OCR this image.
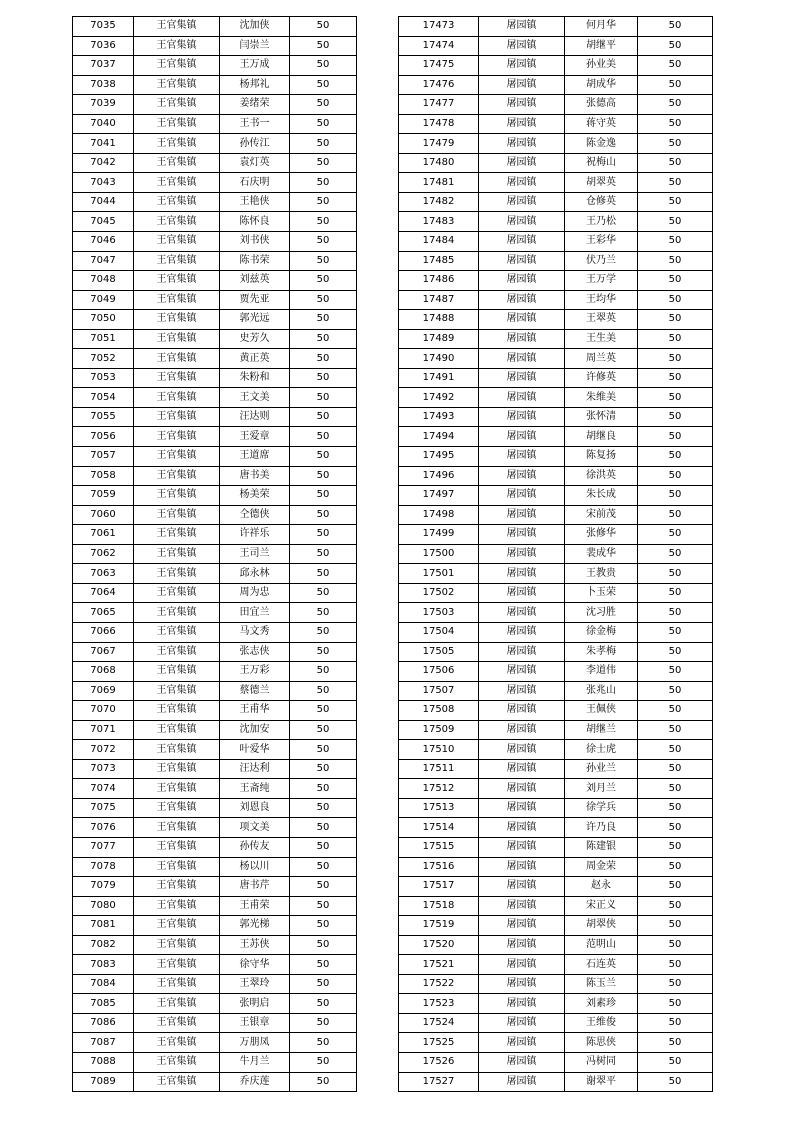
7035	王官集镇	沈加侠	50
7036	王官集镇	闫崇兰	50
7037	王官集镇	王万成	50
7038	王官集镇	杨邦礼	50
7039	王官集镇	姜绪荣	50
7040	王官集镇	王书一	50
7041	王官集镇	孙传江	50
7042	王官集镇	袁灯英	50
7043	王官集镇	石庆明	50
7044	王官集镇	王艳侠	50
7045	王官集镇	陈怀良	50
7046	王官集镇	刘书侠	50
7047	王官集镇	陈书荣	50
7048	王官集镇	刘兹英	50
7049	王官集镇	贾先亚	50
7050	王官集镇	郭光远	50
7051	王官集镇	史芳久	50
7052	王官集镇	黄正英	50
7053	王官集镇	朱粉和	50
7054	王官集镇	王文美	50
7055	王官集镇	汪达则	50
7056	王官集镇	王爱章	50
7057	王官集镇	王道席	50
7058	王官集镇	唐书美	50
7059	王官集镇	杨美荣	50
7060	王官集镇	仝德侠	50
7061	王官集镇	许祥乐	50
7062	王官集镇	王司兰	50
7063	王官集镇	邱永林	50
7064	王官集镇	周为忠	50
7065	王官集镇	田宜兰	50
7066	王官集镇	马文秀	50
7067	王官集镇	张志侠	50
7068	王官集镇	王万彩	50
7069	王官集镇	蔡德兰	50
7070	王官集镇	王甫华	50
7071	王官集镇	沈加安	50
7072	王官集镇	叶爱华	50
7073	王官集镇	汪达利	50
7074	王官集镇	王斋纯	50
7075	王官集镇	刘恩良	50
7076	王官集镇	项文美	50
7077	王官集镇	孙传友	50
7078	王官集镇	杨以川	50
7079	王官集镇	唐书芹	50
7080	王官集镇	王甫荣	50
7081	王官集镇	郭光梯	50
7082	王官集镇	王苏侠	50
7083	王官集镇	徐守华	50
7084	王官集镇	王翠玲	50
7085	王官集镇	张明启	50
7086	王官集镇	王银章	50
7087	王官集镇	万朋凤	50
7088	王官集镇	牛月兰	50
7089	王官集镇	乔庆莲	50
17473	屠园镇	何月华	50
17474	屠园镇	胡继平	50
17475	屠园镇	孙业美	50
17476	屠园镇	胡成华	50
17477	屠园镇	张德高	50
17478	屠园镇	蒋守英	50
17479	屠园镇	陈金逸	50
17480	屠园镇	祝梅山	50
17481	屠园镇	胡翠英	50
17482	屠园镇	仓修英	50
17483	屠园镇	王乃松	50
17484	屠园镇	王彩华	50
17485	屠园镇	伏乃兰	50
17486	屠园镇	王万学	50
17487	屠园镇	王均华	50
17488	屠园镇	王翠英	50
17489	屠园镇	王生美	50
17490	屠园镇	周兰英	50
17491	屠园镇	许修英	50
17492	屠园镇	朱维美	50
17493	屠园镇	张怀清	50
17494	屠园镇	胡继良	50
17495	屠园镇	陈复扬	50
17496	屠园镇	徐洪英	50
17497	屠园镇	朱长成	50
17498	屠园镇	宋前茂	50
17499	屠园镇	张修华	50
17500	屠园镇	裴成华	50
17501	屠园镇	王教贵	50
17502	屠园镇	卜玉荣	50
17503	屠园镇	沈习胜	50
17504	屠园镇	徐金梅	50
17505	屠园镇	朱孝梅	50
17506	屠园镇	李道伟	50
17507	屠园镇	张兆山	50
17508	屠园镇	王佩侠	50
17509	屠园镇	胡继兰	50
17510	屠园镇	徐士虎	50
17511	屠园镇	孙业兰	50
17512	屠园镇	刘月兰	50
17513	屠园镇	徐学兵	50
17514	屠园镇	许乃良	50
17515	屠园镇	陈建银	50
17516	屠园镇	周金荣	50
17517	屠园镇	赵永	50
17518	屠园镇	宋正义	50
17519	屠园镇	胡翠侠	50
17520	屠园镇	范明山	50
17521	屠园镇	石连英	50
17522	屠园镇	陈玉兰	50
17523	屠园镇	刘素珍	50
17524	屠园镇	王维俊	50
17525	屠园镇	陈思侠	50
17526	屠园镇	冯树同	50
17527	屠园镇	谢翠平	50
